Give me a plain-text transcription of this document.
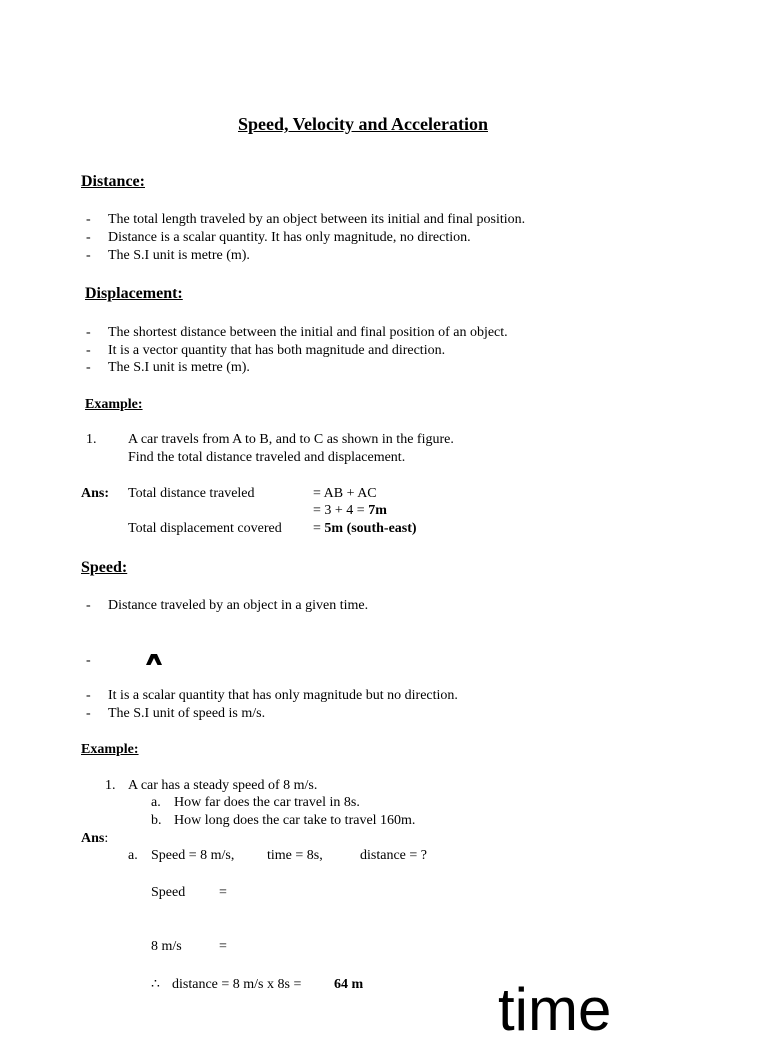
Speed, Velocity and Acceleration
Distance:
- The total length traveled by an object between its initial and final position.
- Distance is a scalar quantity. It has only magnitude, no direction.
- The S.I unit is metre (m).
Displacement:
- The shortest distance between the initial and final position of an object.
- It is a vector quantity that has both magnitude and direction.
- The S.I unit is metre (m).
Example:
1. A car travels from A to B, and to C as shown in the figure.
Find the total distance traveled and displacement.
Ans: Total distance traveled	= AB + AC
= 3 + 4 = 7m
Total displacement covered = 5m (south-east)
Speed:
- Distance traveled by an object in a given time.
-
- It is a scalar quantity that has only magnitude but no direction.
- The S.I unit of speed is m/s.
Example:
1. A car has a steady speed of 8 m/s.
a. How far does the car travel in 8s.
b. How long does the car take to travel 160m.
Ans:
a. Speed = 8 m/s, time = 8s,	distance = ?
Speed =
8 m/s	=
∴ distance = 8 m/s x 8s = 64 m time
